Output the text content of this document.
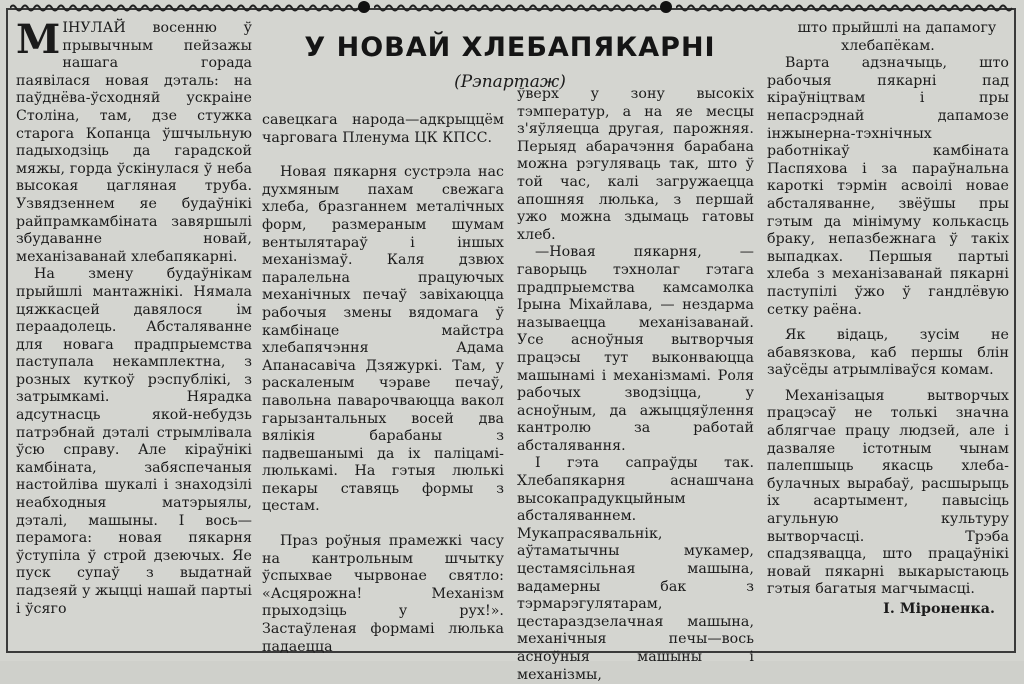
У НОВАЙ ХЛЕБАПЯКАРНІ
(Рэпартаж)

МІНУЛАЙ восенню ў прывычным пейзажы нашага горада паявілася новая дэталь: на паўднёва-ўсходняй ускраіне Століна, там, дзе стужка старога Копанца ўшчыльную падыходзіць да гарадской мяжы, горда ўскінулася ў неба высокая цагляная труба. Узвядзеннем яе будаўнікі райпрамкамбіната завяршылі збудаванне новай, механізаванай хлебапякарні.

На змену будаўнікам прыйшлі мантажнікі. Нямала цяжкасцей давялося ім пераадолець. Абсталяванне для новага прадпрыемства паступала некамплектна, з розных куткоў рэспублікі, з затрымкамі. Нярадка адсутнасць якой-небудзь патрэбнай дэталі стрымлівала ўсю справу. Але кіраўнікі камбіната, забяспечаныя настойліва шукалі і знаходзілі неабходныя матэрыялы, дэталі, машыны. І вось—перамога: новая пякарня ўступіла ў строй дзеючых. Яе пуск супаў з выдатнай падзеяй у жыцці нашай партыі і ўсяго

савецкага народа—адкрыццём чарговага Пленума ЦК КПСС.

Новая пякарня сустрэла нас духмяным пахам свежага хлеба, бразганнем металічных форм, размераным шумам вентылятараў і іншых механізмаў. Каля дзвюх паралельна працуючых механічных печаў завіхаюцца рабочыя змены вядомага ў камбінаце майстра хлебапячэння Адама Апанасавіча Дзяжуркі. Там, у раскаленым чэраве печаў, павольна паварочваюцца вакол гарызантальных восей два вялікія барабаны з падвешанымі да іх паліцамі-люлькамі. На гэтыя люлькі пекары ставяць формы з цестам.

Праз роўныя прамежкі часу на кантрольным шчытку ўспыхвае чырвонае святло: «Асцярожна! Механізм прыходзіць у рух!». Застаўленая формамі люлька падаецца

ўверх у зону высокіх тэмператур, а на яе месцы з'яўляецца другая, парожняя. Перыяд абарачэння барабана можна рэгуляваць так, што ў той час, калі загружаецца апошняя люлька, з першай ужо можна здымаць гатовы хлеб.

—Новая пякарня, —гаворыць тэхнолаг гэтага прадпрыемства камсамолка Ірына Міхайлава, — нездарма называецца механізаванай. Усе асноўныя вытворчыя працэсы тут выконваюцца машынамі і механізмамі. Роля рабочых зводзіцца, у асноўным, да ажыццяўлення кантролю за работай абсталявання.

І гэта сапраўды так. Хлебапякарня аснашчана высокапрадукцыйным абсталяваннем. Мукапрасявальнік, аўтаматычны мукамер, цестамясільная машына, вадамерны бак з тэрмарэгулятарам, цестараздзелачная машына, механічныя печы—вось асноўныя машыны і механізмы,

што прыйшлі на дапамогу хлебапёкам.

Варта адзначыць, што рабочыя пякарні пад кіраўніцтвам і пры непасрэднай дапамозе інжынерна-тэхнічных работнікаў камбіната Паспяхова і за параўнальна кароткі тэрмін асвоілі новае абсталяванне, звёўшы пры гэтым да мінімуму колькасць браку, непазбежнага ў такіх выпадках. Першыя партыі хлеба з механізаванай пякарні паступілі ўжо ў гандлёвую сетку раёна.

Як відаць, зусім не абавязкова, каб першы блін заўсёды атрымліваўся комам.

Механізацыя вытворчых працэсаў не толькі значна аблягчае працу людзей, але і дазваляе істотным чынам палепшыць якасць хлеба-булачных вырабаў, расшырыць іх асартымент, павысіць агульную культуру вытворчасці. Трэба спадзявацца, што працаўнікі новай пякарні выкарыстаюць гэтыя багатыя магчымасці.

І. Міроненка.
